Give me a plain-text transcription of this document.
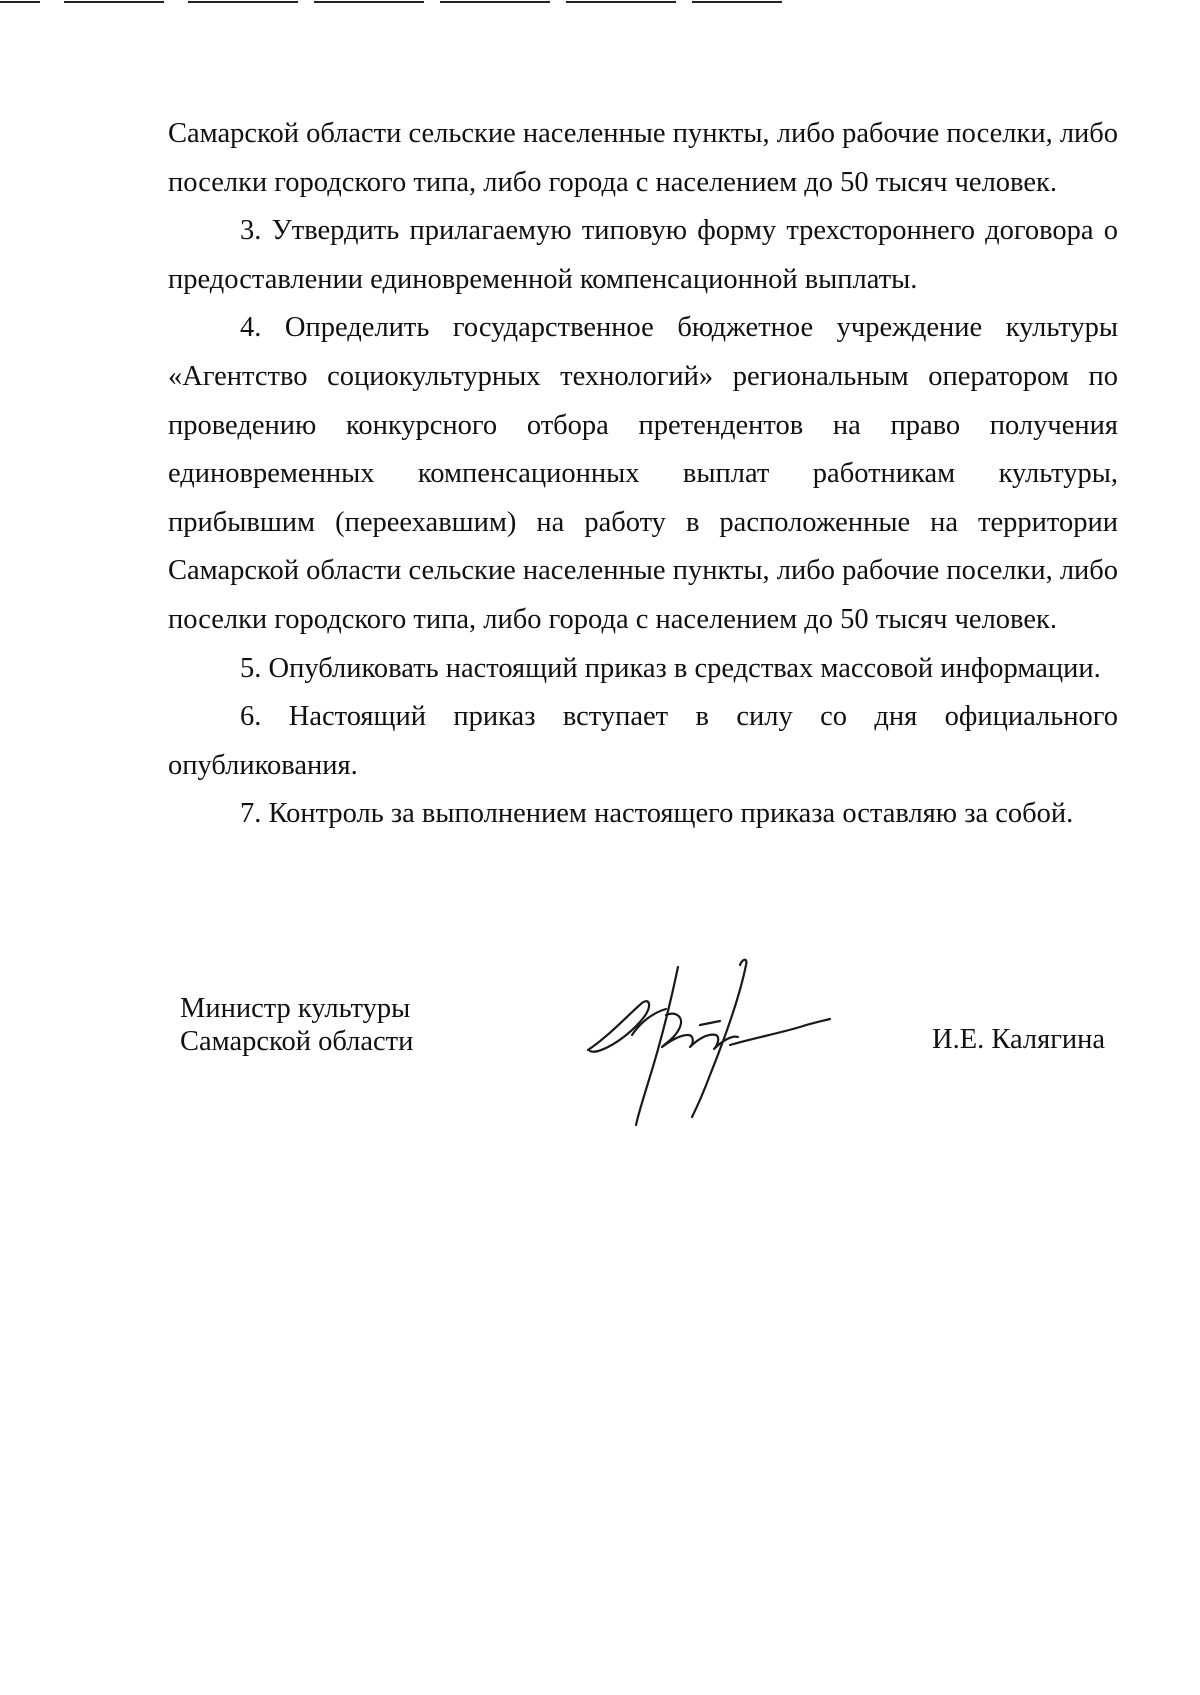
Самарской области сельские населенные пункты, либо рабочие поселки, либо
поселки городского типа, либо города с населением до 50 тысяч человек.
3. Утвердить прилагаемую типовую форму трехстороннего договора о
предоставлении единовременной компенсационной выплаты.
4. Определить государственное бюджетное учреждение культуры
«Агентство социокультурных технологий» региональным оператором по
проведению конкурсного отбора претендентов на право получения
единовременных компенсационных выплат работникам культуры,
прибывшим (переехавшим) на работу в расположенные на территории
Самарской области сельские населенные пункты, либо рабочие поселки, либо
поселки городского типа, либо города с населением до 50 тысяч человек.
5. Опубликовать настоящий приказ в средствах массовой информации.
6. Настоящий приказ вступает в силу со дня официального
опубликования.
7. Контроль за выполнением настоящего приказа оставляю за собой.
Министр культуры
Самарской области	И.Е. Калягина
